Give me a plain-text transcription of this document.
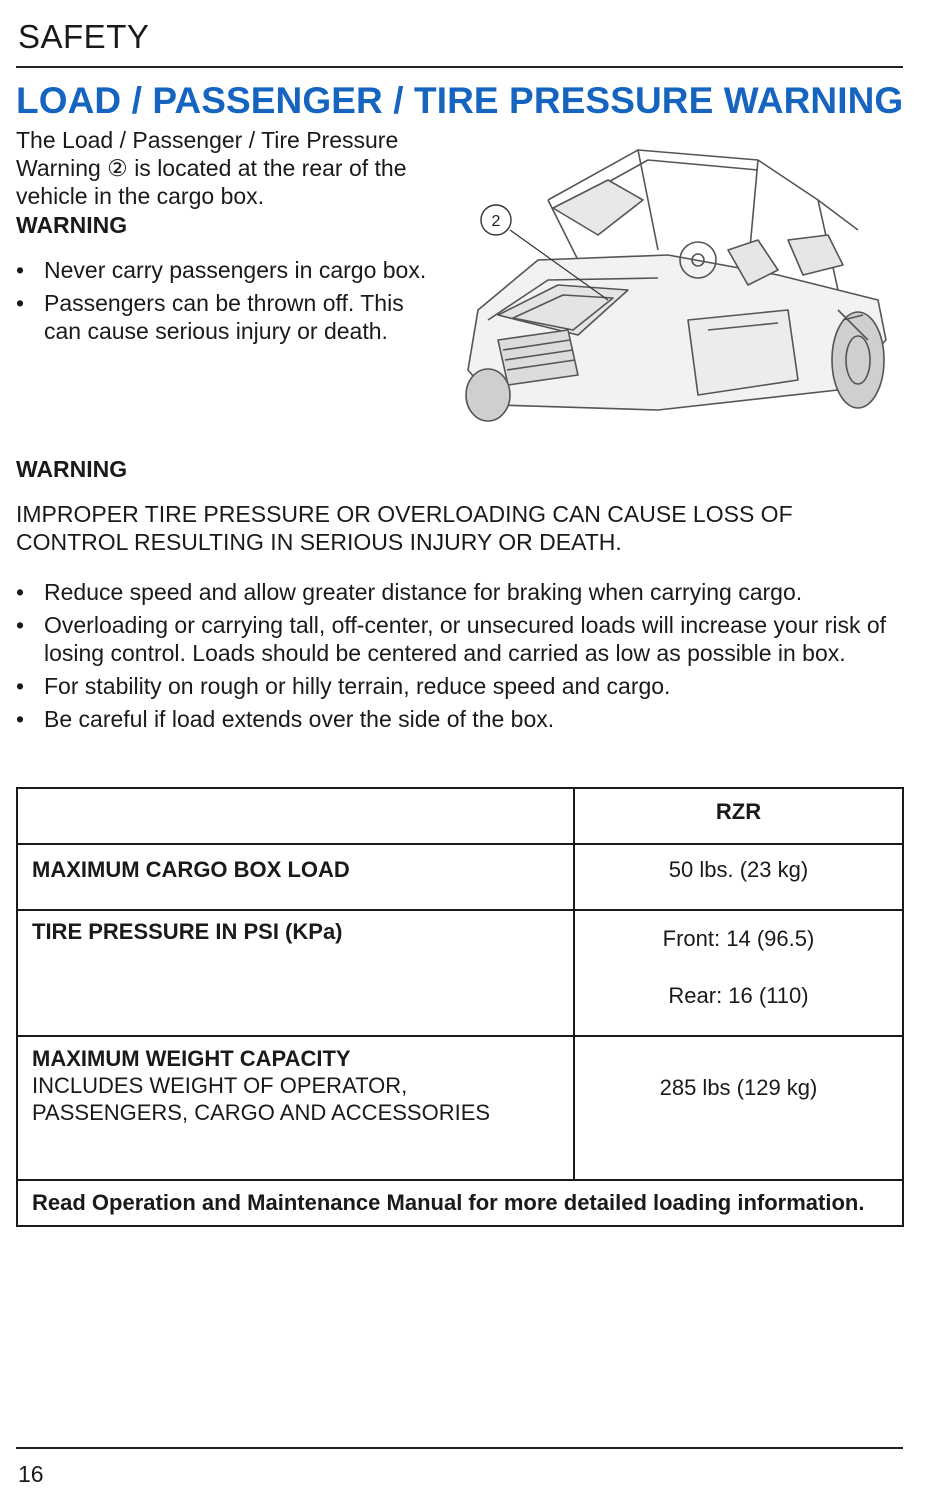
SAFETY
LOAD / PASSENGER / TIRE PRESSURE WARNING
The Load / Passenger / Tire Pressure Warning ② is located at the rear of the vehicle in the cargo box.
WARNING
• Never carry passengers in cargo box.
• Passengers can be thrown off. This can cause serious injury or death.
2
WARNING
IMPROPER TIRE PRESSURE OR OVERLOADING CAN CAUSE LOSS OF CONTROL RESULTING IN SERIOUS INJURY OR DEATH.
• Reduce speed and allow greater distance for braking when carrying cargo.
• Overloading or carrying tall, off-center, or unsecured loads will increase your risk of losing control. Loads should be centered and carried as low as possible in box.
• For stability on rough or hilly terrain, reduce speed and cargo.
• Be careful if load extends over the side of the box.
	RZR
MAXIMUM CARGO BOX LOAD	50 lbs. (23 kg)
TIRE PRESSURE IN PSI (KPa)	Front: 14 (96.5)
Rear: 16 (110)

MAXIMUM WEIGHT CAPACITY
INCLUDES WEIGHT OF OPERATOR,
PASSENGERS, CARGO AND ACCESSORIES	285 lbs (129 kg)
Read Operation and Maintenance Manual for more detailed loading information.	
16
